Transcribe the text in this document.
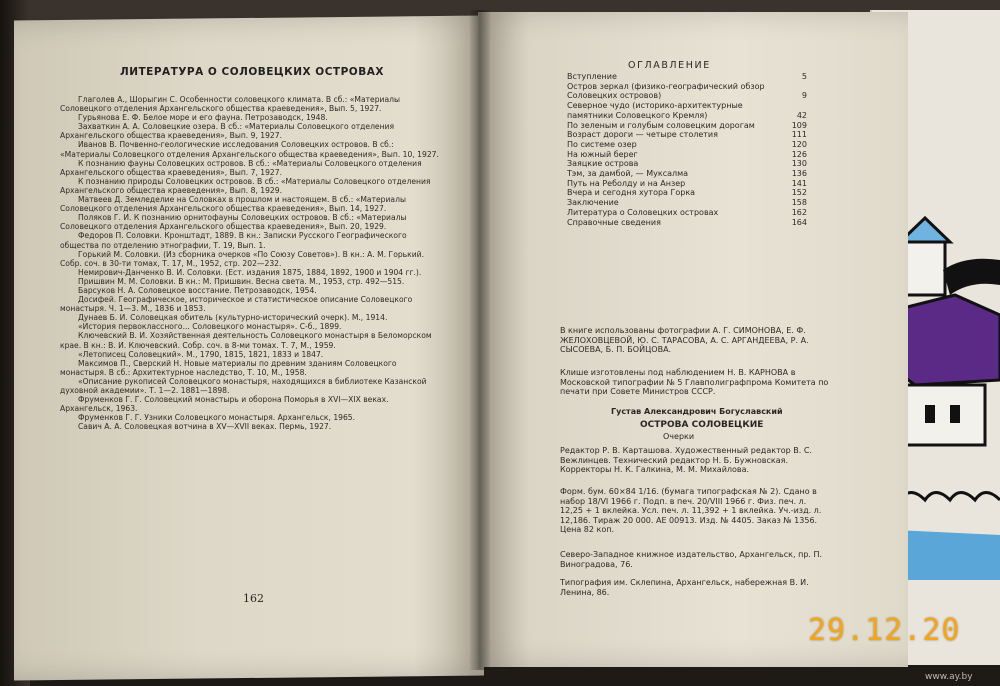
ЛИТЕРАТУРА О СОЛОВЕЦКИХ ОСТРОВАХ
Глаголев А., Шорыгин С. Особенности соловецкого климата. В сб.: «Материалы Соловецкого отделения Архангельского общества краеведения», Вып. 5, 1927.
Гурьянова Е. Ф. Белое море и его фауна. Петрозаводск, 1948.
Захваткин А. А. Соловецкие озера. В сб.: «Материалы Соловецкого отделения Архангельского общества краеведения», Вып. 9, 1927.
Иванов В. Почвенно-геологические исследования Соловецких островов. В сб.: «Материалы Соловецкого отделения Архангельского общества краеведения», Вып. 10, 1927.
К познанию фауны Соловецких островов. В сб.: «Материалы Соловецкого отделения Архангельского общества краеведения», Вып. 7, 1927.
К познанию природы Соловецких островов. В сб.: «Материалы Соловецкого отделения Архангельского общества краеведения», Вып. 8, 1929.
Матвеев Д. Земледелие на Соловках в прошлом и настоящем. В сб.: «Материалы Соловецкого отделения Архангельского общества краеведения», Вып. 14, 1927.
Поляков Г. И. К познанию орнитофауны Соловецких островов. В сб.: «Материалы Соловецкого отделения Архангельского общества краеведения», Вып. 20, 1929.
Федоров П. Соловки. Кронштадт, 1889. В кн.: Записки Русского Географического общества по отделению этнографии, Т. 19, Вып. 1.
Горький М. Соловки. (Из сборника очерков «По Союзу Советов»). В кн.: А. М. Горький. Собр. соч. в 30-ти томах, Т. 17, М., 1952, стр. 202—232.
Немирович-Данченко В. И. Соловки. (Ест. издания 1875, 1884, 1892, 1900 и 1904 гг.).
Пришвин М. М. Соловки. В кн.: М. Пришвин. Весна света. М., 1953, стр. 492—515.
Барсуков Н. А. Соловецкое восстание. Петрозаводск, 1954.
Досифей. Географическое, историческое и статистическое описание Соловецкого монастыря. Ч. 1—3. М., 1836 и 1853.
Дунаев Б. И. Соловецкая обитель (культурно-исторический очерк). М., 1914.
«История первоклассного... Соловецкого монастыря». С-б., 1899.
Ключевский В. И. Хозяйственная деятельность Соловецкого монастыря в Беломорском крае. В кн.: В. И. Ключевский. Собр. соч. в 8-ми томах. Т. 7, М., 1959.
«Летописец Соловецкий». М., 1790, 1815, 1821, 1833 и 1847.
Максимов П., Сверский Н. Новые материалы по древним зданиям Соловецкого монастыря. В сб.: Архитектурное наследство, Т. 10, М., 1958.
«Описание рукописей Соловецкого монастыря, находящихся в библиотеке Казанской духовной академии». Т. 1—2. 1881—1898.
Фруменков Г. Г. Соловецкий монастырь и оборона Поморья в XVI—XIX веках. Архангельск, 1963.
Фруменков Г. Г. Узники Соловецкого монастыря. Архангельск, 1965.
Савич А. А. Соловецкая вотчина в XV—XVII веках. Пермь, 1927.
162
ОГЛАВЛЕНИЕ
Вступление	5
Остров зеркал (физико-географический обзор Соловецких островов)	9
Северное чудо (историко-архитектурные памятники Соловецкого Кремля)	42
По зеленым и голубым соловецким дорогам	109
Возраст дороги — четыре столетия	111
По системе озер	120
На южный берег	126
Заяцкие острова	130
Тэм, за дамбой, — Муксалма	136
Путь на Реболду и на Анзер	141
Вчера и сегодня хутора Горка	152
Заключение	158
Литература о Соловецких островах	162
Справочные сведения	164
В книге использованы фотографии А. Г. СИМОНОВА, Е. Ф. ЖЕЛОХОВЦЕВОЙ, Ю. С. ТАРАСОВА, А. С. АРГАНДЕЕВА, Р. А. СЫСОЕВА, Б. П. БОЙЦОВА.
Клише изготовлены под наблюдением Н. В. КАРНОВА в Московской типографии № 5 Главполиграфпрома Комитета по печати при Совете Министров СССР.
Густав Александрович Богуславский
ОСТРОВА СОЛОВЕЦКИЕ
Очерки
Редактор Р. В. Карташова. Художественный редактор В. С. Вежлинцев. Технический редактор Н. Б. Бужновская. Корректоры Н. К. Галкина, М. М. Михайлова.
Форм. бум. 60×84 1/16. (бумага типографская № 2). Сдано в набор 18/VI 1966 г. Подп. в печ. 20/VIII 1966 г. Физ. печ. л. 12,25 + 1 вклейка. Усл. печ. л. 11,392 + 1 вклейка. Уч.-изд. л. 12,186. Тираж 20 000. АЕ 00913. Изд. № 4405. Заказ № 1356. Цена 82 коп.
Северо-Западное книжное издательство, Архангельск, пр. П. Виноградова, 76.
Типография им. Склепина, Архангельск, набережная В. И. Ленина, 86.
29.12.20
www.ay.by
